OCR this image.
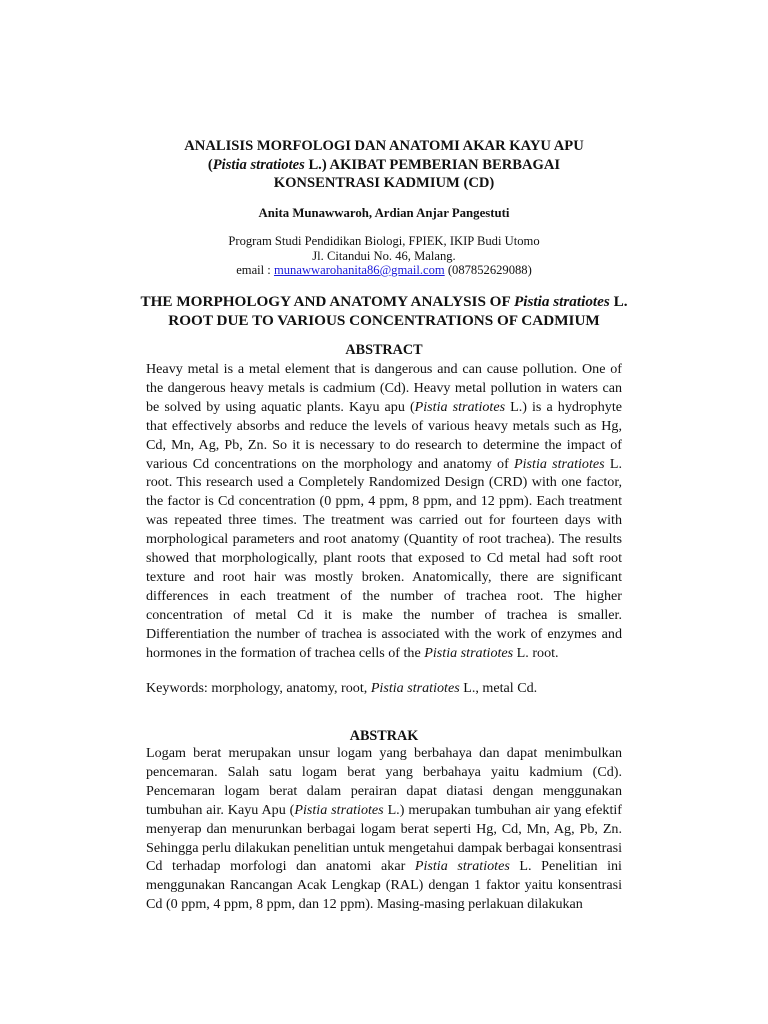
ANALISIS MORFOLOGI DAN ANATOMI AKAR KAYU APU
(Pistia stratiotes L.) AKIBAT PEMBERIAN BERBAGAI
KONSENTRASI KADMIUM (CD)
Anita Munawwaroh, Ardian Anjar Pangestuti
Program Studi Pendidikan Biologi, FPIEK, IKIP Budi Utomo
Jl. Citandui No. 46, Malang.
email : munawwarohanita86@gmail.com (087852629088)
THE MORPHOLOGY AND ANATOMY ANALYSIS OF Pistia stratiotes L.
ROOT DUE TO VARIOUS CONCENTRATIONS OF CADMIUM
ABSTRACT

Heavy metal is a metal element that is dangerous and can cause pollution. One of the dangerous heavy metals is cadmium (Cd). Heavy metal pollution in waters can be solved by using aquatic plants. Kayu apu (Pistia stratiotes L.) is a hydrophyte that effectively absorbs and reduce the levels of various heavy metals such as Hg, Cd, Mn, Ag, Pb, Zn. So it is necessary to do research to determine the impact of various Cd concentrations on the morphology and anatomy of Pistia stratiotes L. root. This research used a Completely Randomized Design (CRD) with one factor, the factor is Cd concentration (0 ppm, 4 ppm, 8 ppm, and 12 ppm). Each treatment was repeated three times. The treatment was carried out for fourteen days with morphological parameters and root anatomy (Quantity of root trachea). The results showed that morphologically, plant roots that exposed to Cd metal had soft root texture and root hair was mostly broken. Anatomically, there are significant differences in each treatment of the number of trachea root. The higher concentration of metal Cd it is make the number of trachea is smaller. Differentiation the number of trachea is associated with the work of enzymes and hormones in the formation of trachea cells of the Pistia stratiotes L. root.

Keywords: morphology, anatomy, root, Pistia stratiotes L., metal Cd.

ABSTRAK

Logam berat merupakan unsur logam yang berbahaya dan dapat menimbulkan pencemaran. Salah satu logam berat yang berbahaya yaitu kadmium (Cd). Pencemaran logam berat dalam perairan dapat diatasi dengan menggunakan tumbuhan air. Kayu Apu (Pistia stratiotes L.) merupakan tumbuhan air yang efektif menyerap dan menurunkan berbagai logam berat seperti Hg, Cd, Mn, Ag, Pb, Zn. Sehingga perlu dilakukan penelitian untuk mengetahui dampak berbagai konsentrasi Cd terhadap morfologi dan anatomi akar Pistia stratiotes L. Penelitian ini menggunakan Rancangan Acak Lengkap (RAL) dengan 1 faktor yaitu konsentrasi Cd (0 ppm, 4 ppm, 8 ppm, dan 12 ppm). Masing-masing perlakuan dilakukan
